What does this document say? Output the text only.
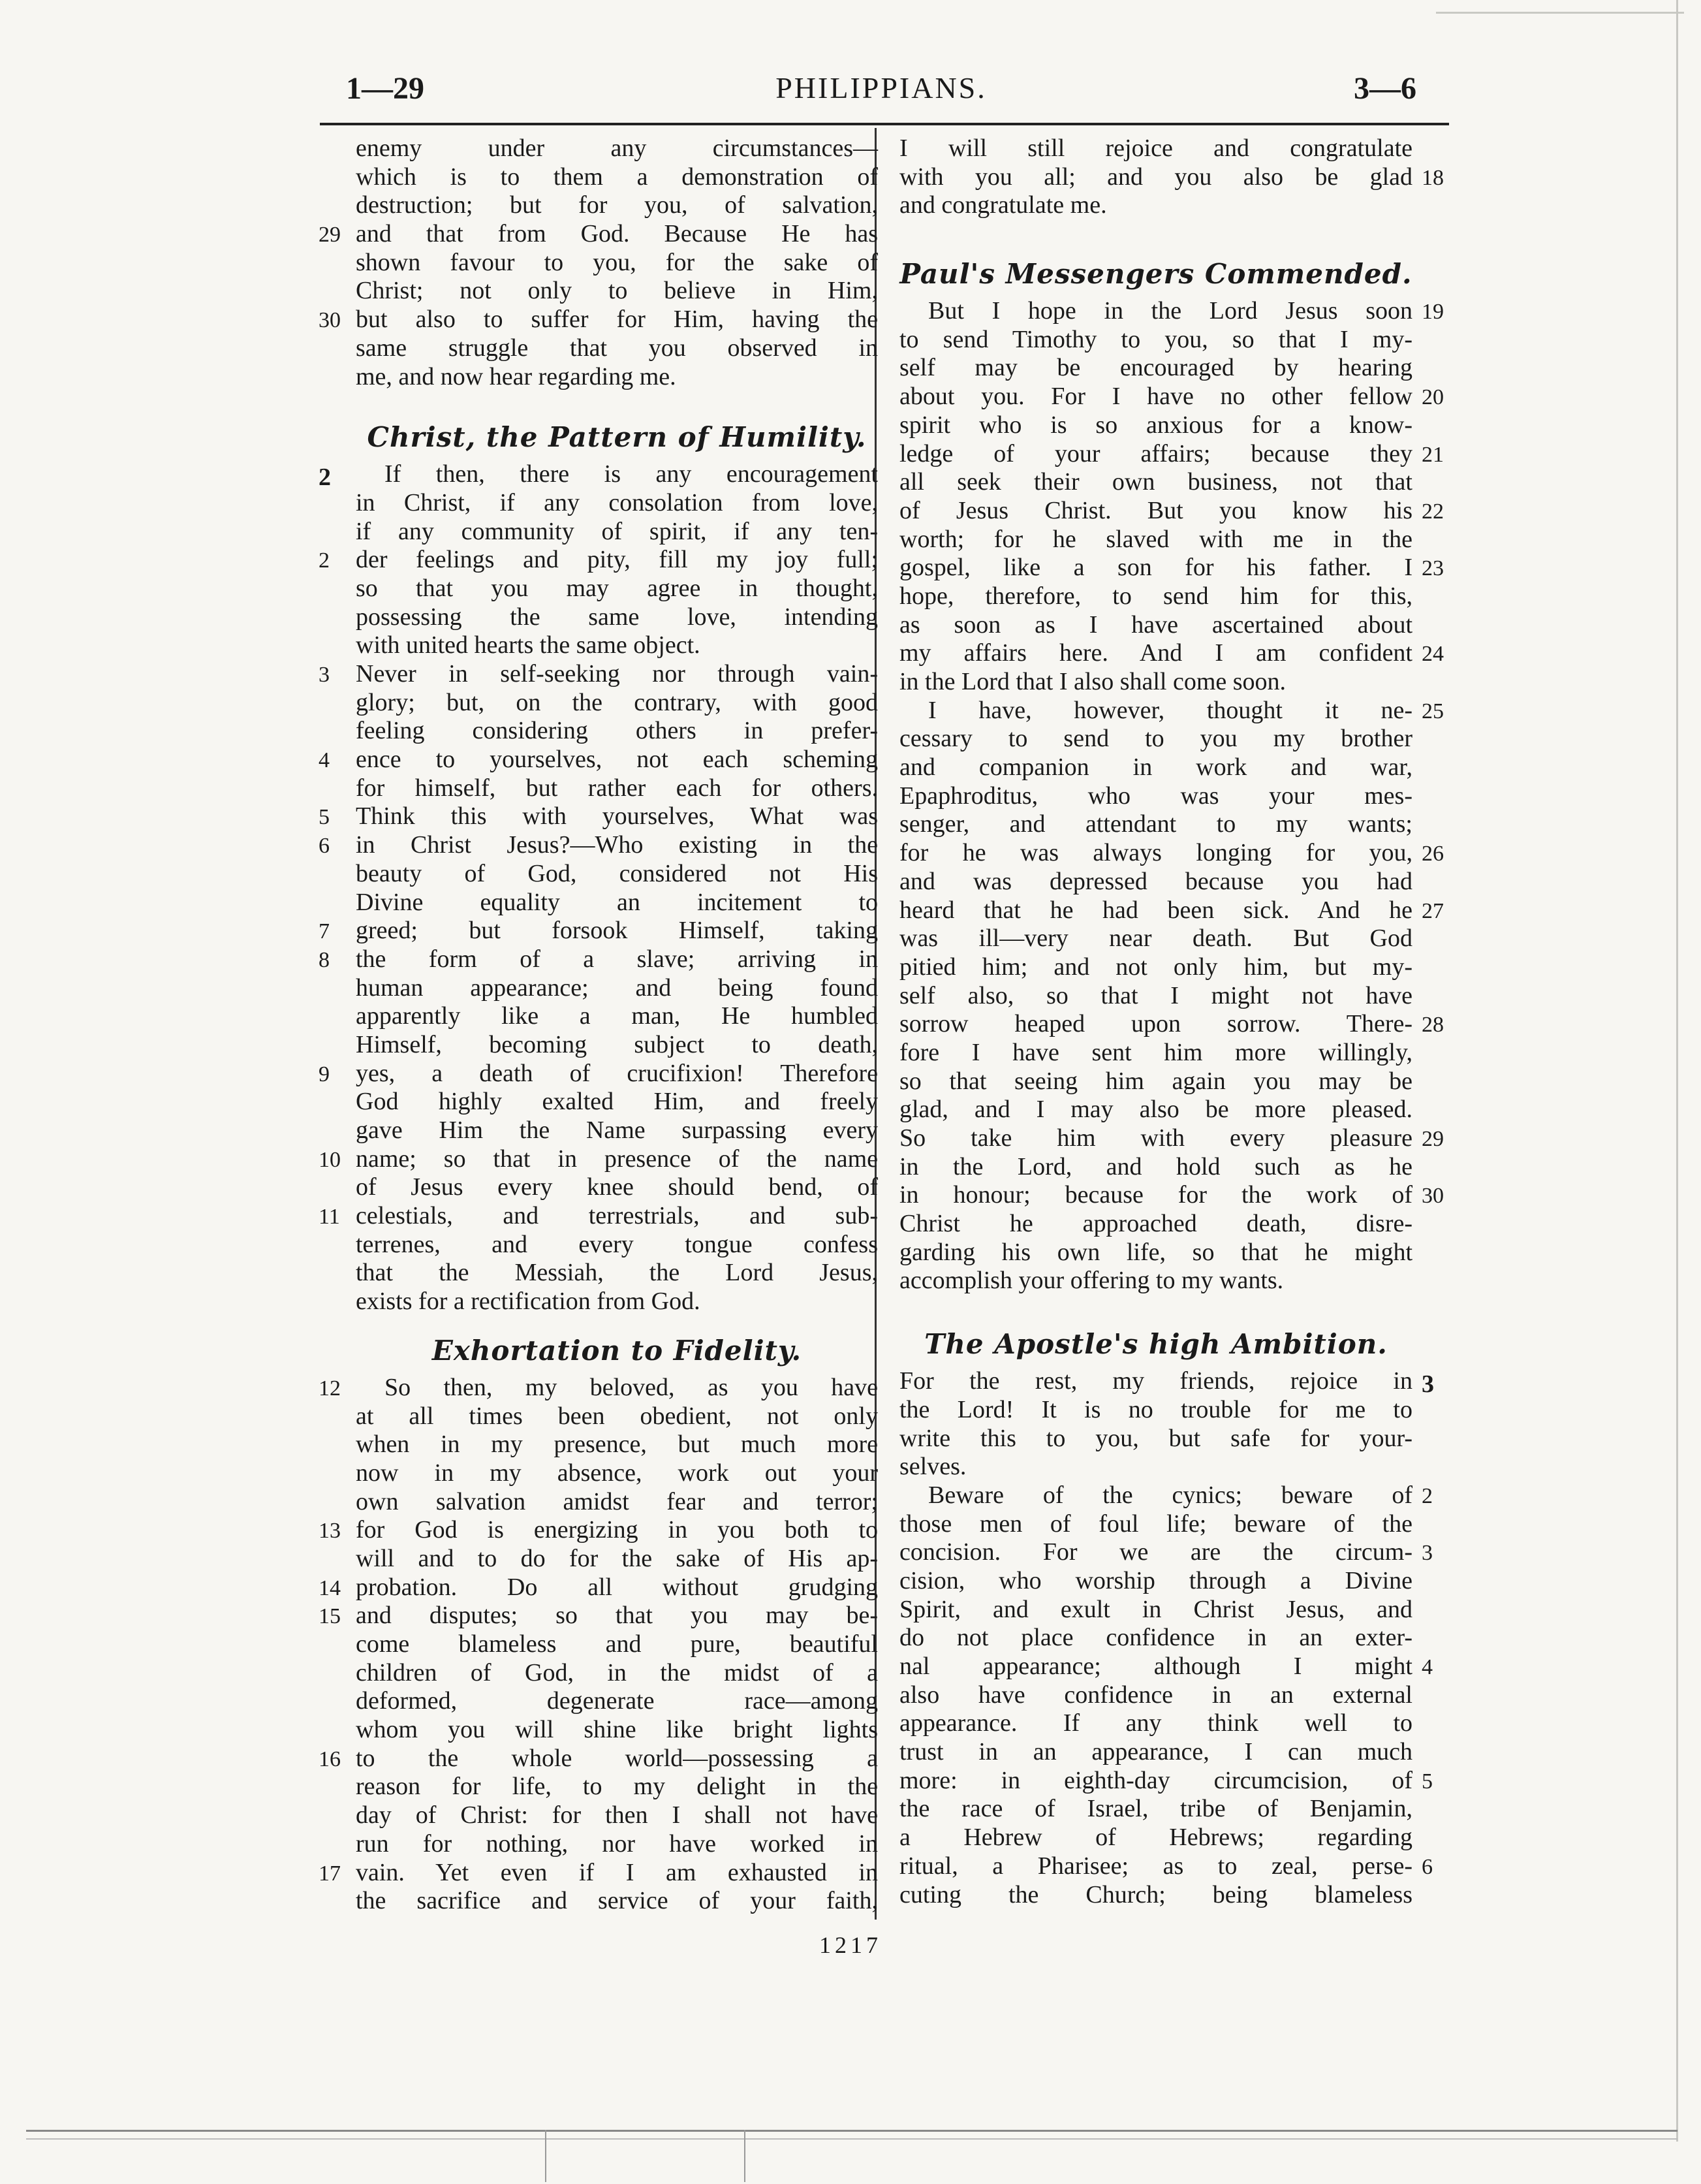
1—29	PHILIPPIANS.	3—6
enemy under any circumstances—
which is to them a demonstration of
destruction; but for you, of salvation,
and that from God. Because He has
shown favour to you, for the sake of
Christ; not only to believe in Him,
but also to suffer for Him, having the
same struggle that you observed in
me, and now hear regarding me.
Christ, the Pattern of Humility.
If then, there is any encouragement
in Christ, if any consolation from love,
if any community of spirit, if any ten-
der feelings and pity, fill my joy full;
so that you may agree in thought,
possessing the same love, intending
with united hearts the same object.
Never in self-seeking nor through vain-
glory; but, on the contrary, with good
feeling considering others in prefer-
ence to yourselves, not each scheming
for himself, but rather each for others.
Think this with yourselves, What was
in Christ Jesus?—Who existing in the
beauty of God, considered not His
Divine equality an incitement to
greed; but forsook Himself, taking
the form of a slave; arriving in
human appearance; and being found
apparently like a man, He humbled
Himself, becoming subject to death,
yes, a death of crucifixion! Therefore
God highly exalted Him, and freely
gave Him the Name surpassing every
name; so that in presence of the name
of Jesus every knee should bend, of
celestials, and terrestrials, and sub-
terrenes, and every tongue confess
that the Messiah, the Lord Jesus,
exists for a rectification from God.
Exhortation to Fidelity.
So then, my beloved, as you have
at all times been obedient, not only
when in my presence, but much more
now in my absence, work out your
own salvation amidst fear and terror;
for God is energizing in you both to
will and to do for the sake of His ap-
probation. Do all without grudging
and disputes; so that you may be-
come blameless and pure, beautiful
children of God, in the midst of a
deformed, degenerate race—among
whom you will shine like bright lights
to the whole world—possessing a
reason for life, to my delight in the
day of Christ: for then I shall not have
run for nothing, nor have worked in
vain. Yet even if I am exhausted in
the sacrifice and service of your faith,
I will still rejoice and congratulate
with you all; and you also be glad
and congratulate me.
Paul's Messengers Commended.
But I hope in the Lord Jesus soon
to send Timothy to you, so that I my-
self may be encouraged by hearing
about you. For I have no other fellow
spirit who is so anxious for a know-
ledge of your affairs; because they
all seek their own business, not that
of Jesus Christ. But you know his
worth; for he slaved with me in the
gospel, like a son for his father. I
hope, therefore, to send him for this,
as soon as I have ascertained about
my affairs here. And I am confident
in the Lord that I also shall come soon.
I have, however, thought it ne-
cessary to send to you my brother
and companion in work and war,
Epaphroditus, who was your mes-
senger, and attendant to my wants;
for he was always longing for you,
and was depressed because you had
heard that he had been sick. And he
was ill—very near death. But God
pitied him; and not only him, but my-
self also, so that I might not have
sorrow heaped upon sorrow. There-
fore I have sent him more willingly,
so that seeing him again you may be
glad, and I may also be more pleased.
So take him with every pleasure
in the Lord, and hold such as he
in honour; because for the work of
Christ he approached death, disre-
garding his own life, so that he might
accomplish your offering to my wants.
The Apostle's high Ambition.
For the rest, my friends, rejoice in
the Lord! It is no trouble for me to
write this to you, but safe for your-
selves.
Beware of the cynics; beware of
those men of foul life; beware of the
concision. For we are the circum-
cision, who worship through a Divine
Spirit, and exult in Christ Jesus, and
do not place confidence in an exter-
nal appearance; although I might
also have confidence in an external
appearance. If any think well to
trust in an appearance, I can much
more: in eighth-day circumcision, of
the race of Israel, tribe of Benjamin,
a Hebrew of Hebrews; regarding
ritual, a Pharisee; as to zeal, perse-
cuting the Church; being blameless
29
30
2
2
3
4
5
6
7
8
9
10
11
12
13
14
15
16
17
18
19
20
21
22
23
24
25
26
27
28
29
30
3
2
3
4
5
6
1217
